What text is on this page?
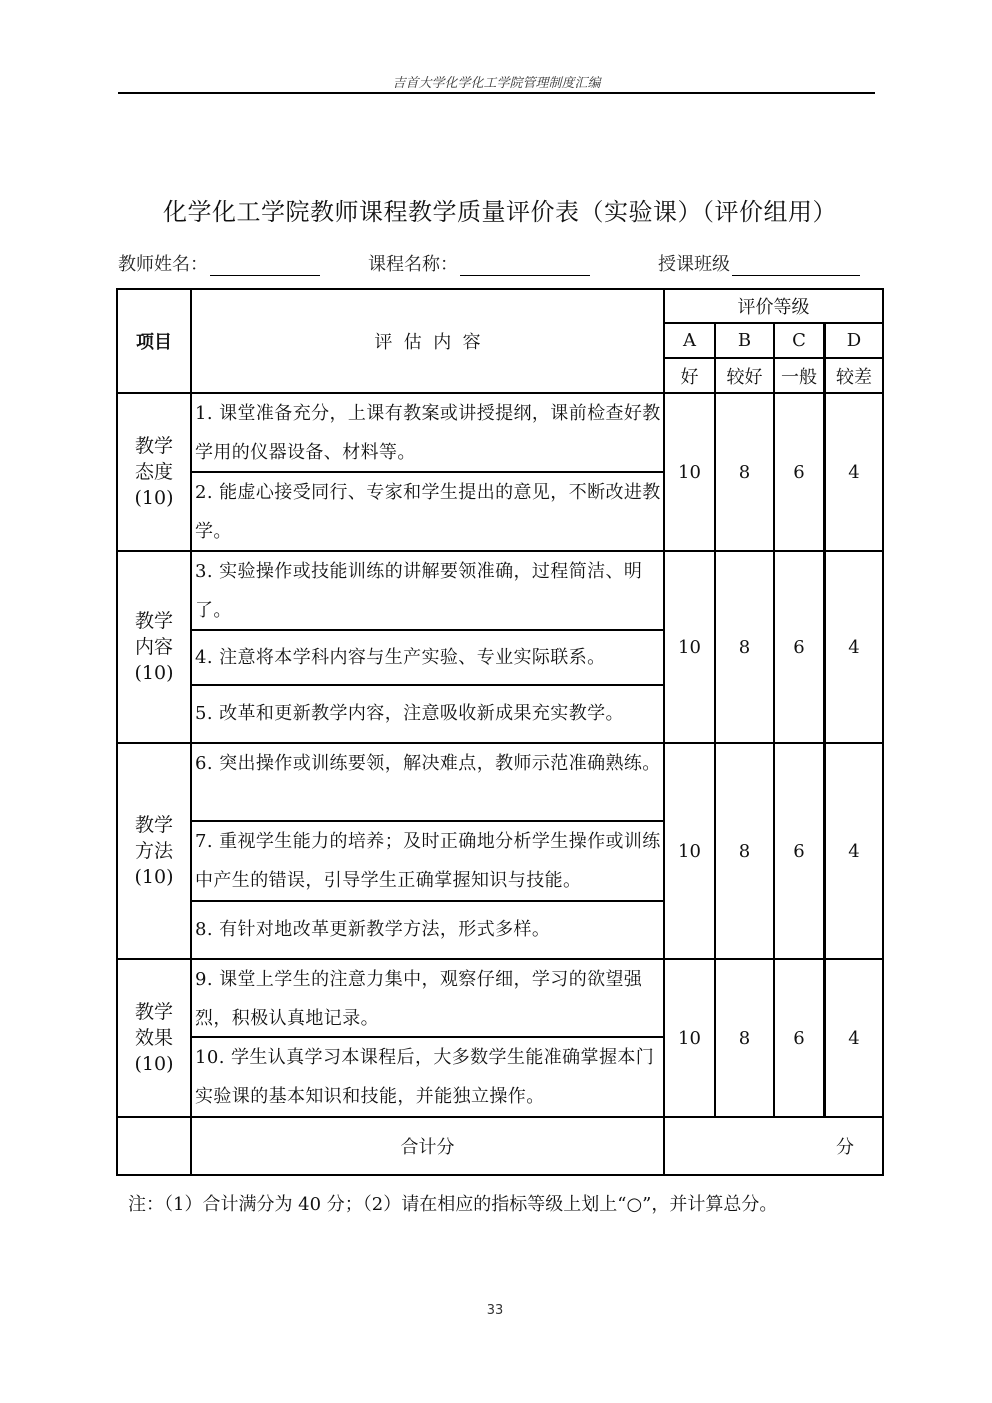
吉首大学化学化工学院管理制度汇编
化学化工学院教师课程教学质量评价表（实验课）（评价组用）
教师姓名：	课程名称：	授课班级
项目	评  估  内  容
评价等级
A	B	C	D
好	较好	一般	较差
教学
态度
(10)
1. 课堂准备充分，上课有教案或讲授提纲，课前检查好教学用的仪器设备、材料等。
2. 能虚心接受同行、专家和学生提出的意见，不断改进教学。
10	8	6	4
教学
内容
(10)
3. 实验操作或技能训练的讲解要领准确，过程简洁、明了。
4. 注意将本学科内容与生产实验、专业实际联系。
5. 改革和更新教学内容，注意吸收新成果充实教学。
10	8	6	4
教学
方法
(10)
6. 突出操作或训练要领，解决难点，教师示范准确熟练。
7. 重视学生能力的培养；及时正确地分析学生操作或训练中产生的错误，引导学生正确掌握知识与技能。
8. 有针对地改革更新教学方法，形式多样。
10	8	6	4
教学
效果
(10)
9. 课堂上学生的注意力集中，观察仔细，学习的欲望强烈，积极认真地记录。
10. 学生认真学习本课程后，大多数学生能准确掌握本门实验课的基本知识和技能，并能独立操作。
10	8	6	4
合计分	分
注：（1）合计满分为 40 分；（2）请在相应的指标等级上划上“○”，并计算总分。
33
